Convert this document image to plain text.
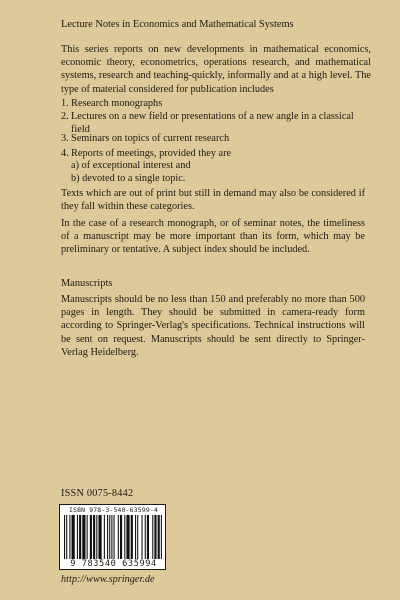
Lecture Notes in Economics and Mathematical Systems
This series reports on new developments in mathematical economics, economic theory, econometrics, operations research, and mathematical systems, research and teaching-quickly, informally and at a high level. The type of material considered for publication includes
1. Research monographs
2. Lectures on a new field or presentations of a new angle in a classical field
3. Seminars on topics of current research
4. Reports of meetings, provided they are
a) of exceptional interest and
b) devoted to a single topic.
Texts which are out of print but still in demand may also be considered if they fall within these categories.
In the case of a research monograph, or of seminar notes, the timeliness of a manuscript may be more important than its form, which may be preliminary or tentative. A subject index should be included.
Manuscripts
Manuscripts should be no less than 150 and preferably no more than 500 pages in length. They should be submitted in camera-ready form according to Springer-Verlag's specifications. Technical instructions will be sent on request. Manuscripts should be sent directly to Springer-Verlag Heidelberg.
ISSN 0075-8442
ISBN 978-3-540-63599-4
9 783540 635994
http://www.springer.de
